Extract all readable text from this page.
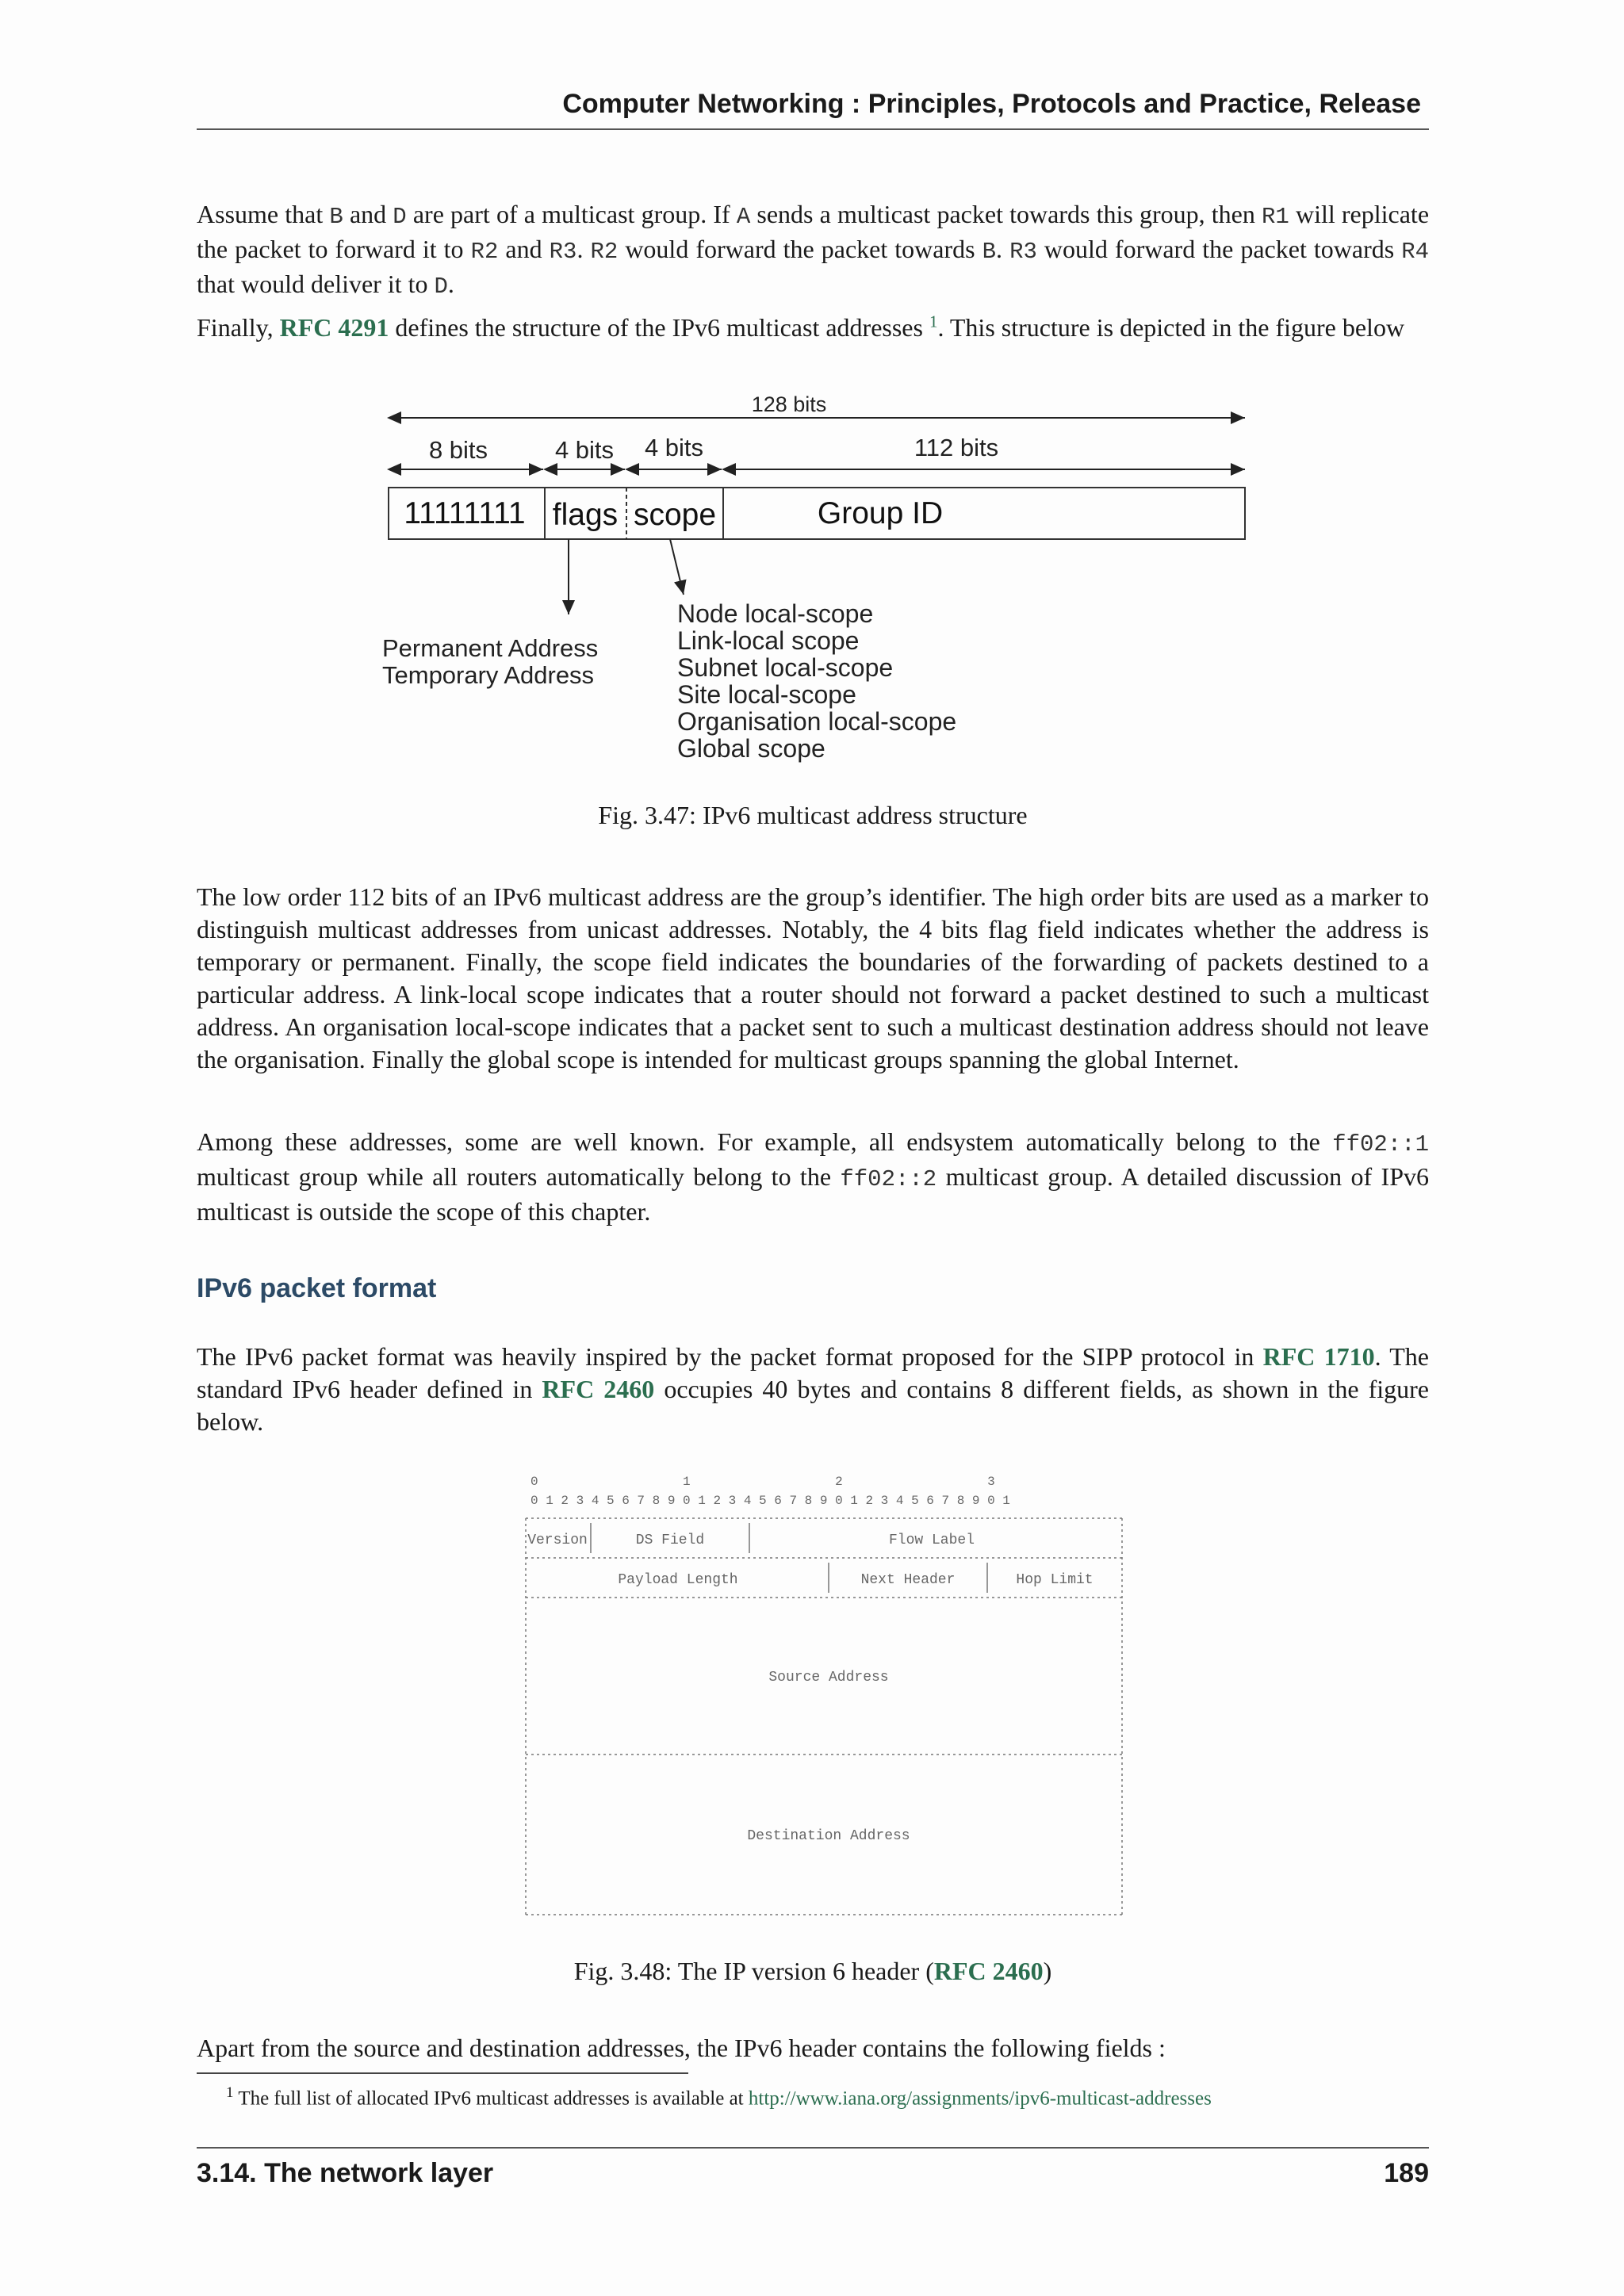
Computer Networking : Principles, Protocols and Practice, Release

Assume that B and D are part of a multicast group. If A sends a multicast packet towards this group, then R1 will replicate the packet to forward it to R2 and R3. R2 would forward the packet towards B. R3 would forward the packet towards R4 that would deliver it to D.

Finally, RFC 4291 defines the structure of the IPv6 multicast addresses $^1$. This structure is depicted in the figure below

128 bits
8 bits	4 bits 4 bits	112 bits
11111111 flags scope	Group ID
Permanent Address
Temporary Address
Node local-scope
Link-local scope
Subnet local-scope
Site local-scope
Organisation local-scope
Global scope
Fig. 3.47: IPv6 multicast address structure

The low order 112 bits of an IPv6 multicast address are the group’s identifier. The high order bits are used as a marker to distinguish multicast addresses from unicast addresses. Notably, the 4 bits flag field indicates whether the address is temporary or permanent. Finally, the scope field indicates the boundaries of the forwarding of packets destined to a particular address. A link-local scope indicates that a router should not forward a packet destined to such a multicast address. An organisation local-scope indicates that a packet sent to such a multicast destination address should not leave the organisation. Finally the global scope is intended for multicast groups spanning the global Internet.

Among these addresses, some are well known. For example, all endsystem automatically belong to the ff02::1 multicast group while all routers automatically belong to the ff02::2 multicast group. A detailed discussion of IPv6 multicast is outside the scope of this chapter.

IPv6 packet format

The IPv6 packet format was heavily inspired by the packet format proposed for the SIPP protocol in RFC 1710. The standard IPv6 header defined in RFC 2460 occupies 40 bytes and contains 8 different fields, as shown in the figure below.

0                   1                   2                   3
0 1 2 3 4 5 6 7 8 9 0 1 2 3 4 5 6 7 8 9 0 1 2 3 4 5 6 7 8 9 0 1
Version	DS Field	Flow Label
Payload Length	Next Header	Hop Limit
Source Address
Destination Address
Fig. 3.48: The IP version 6 header (RFC 2460)

Apart from the source and destination addresses, the IPv6 header contains the following fields :

$^1$ The full list of allocated IPv6 multicast addresses is available at http://www.iana.org/assignments/ipv6-multicast-addresses
3.14. The network layer	189
